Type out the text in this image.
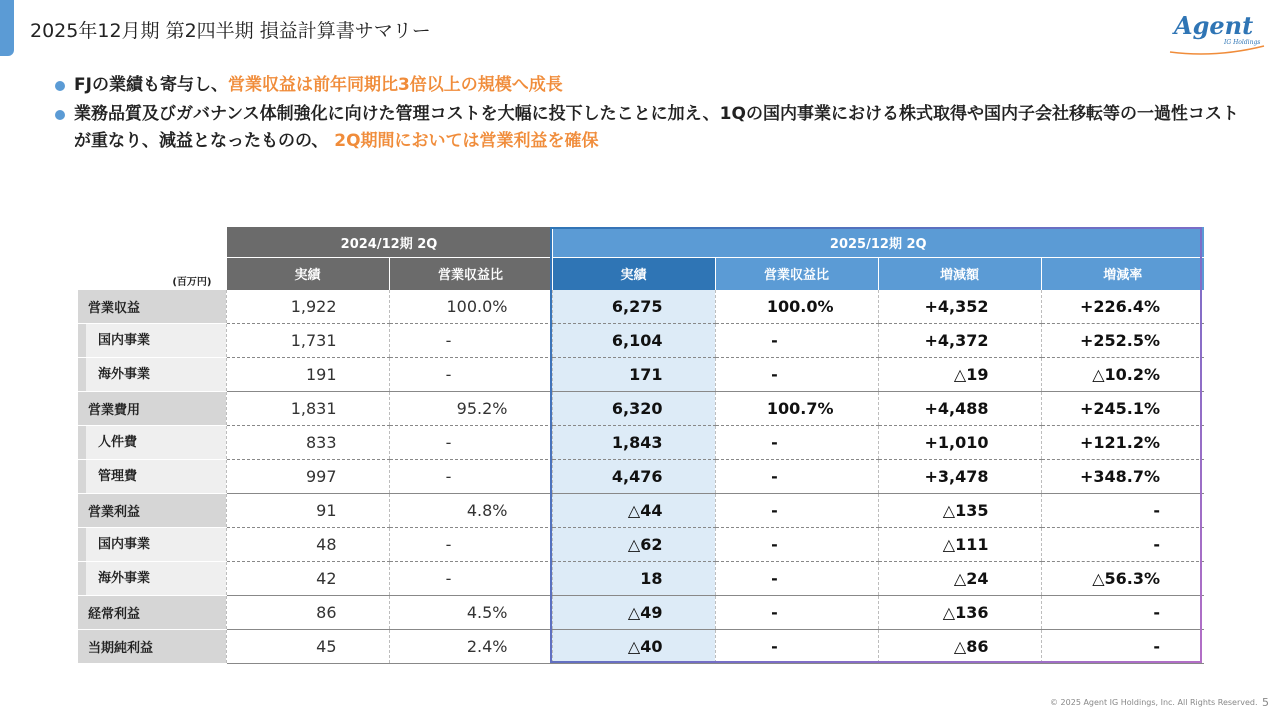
2025年12月期 第2四半期 損益計算書サマリー	Agent
IG Holdings
FJの業績も寄与し、営業収益は前年同期比3倍以上の規模へ成長
業務品質及びガバナンス体制強化に向けた管理コストを大幅に投下したことに加え、1Qの国内事業における株式取得や国内子会社移転等の一過性コストが重なり、減益となったものの、 2Q期間においては営業利益を確保
	2024/12期 2Q		2025/12期 2Q			
(百万円)	実績	営業収益比	実績	営業収益比	増減額	増減率
営業収益	1,922	100.0%	6,275	100.0%	+4,352	+226.4%

国内事業	1,731	-	6,104	-	+4,372	+252.5%

海外事業	191	-	171	-	△19	△10.2%
営業費用	1,831	95.2%	6,320	100.7%	+4,488	+245.1%

人件費	833	-	1,843	-	+1,010	+121.2%

管理費	997	-	4,476	-	+3,478	+348.7%
営業利益	91	4.8%	△44	-	△135	-

国内事業	48	-	△62	-	△111	-

海外事業	42	-	18	-	△24	△56.3%
経常利益	86	4.5%	△49	-	△136	-
当期純利益	45	2.4%	△40	-	△86	-
© 2025 Agent IG Holdings, Inc. All Rights Reserved. 5
